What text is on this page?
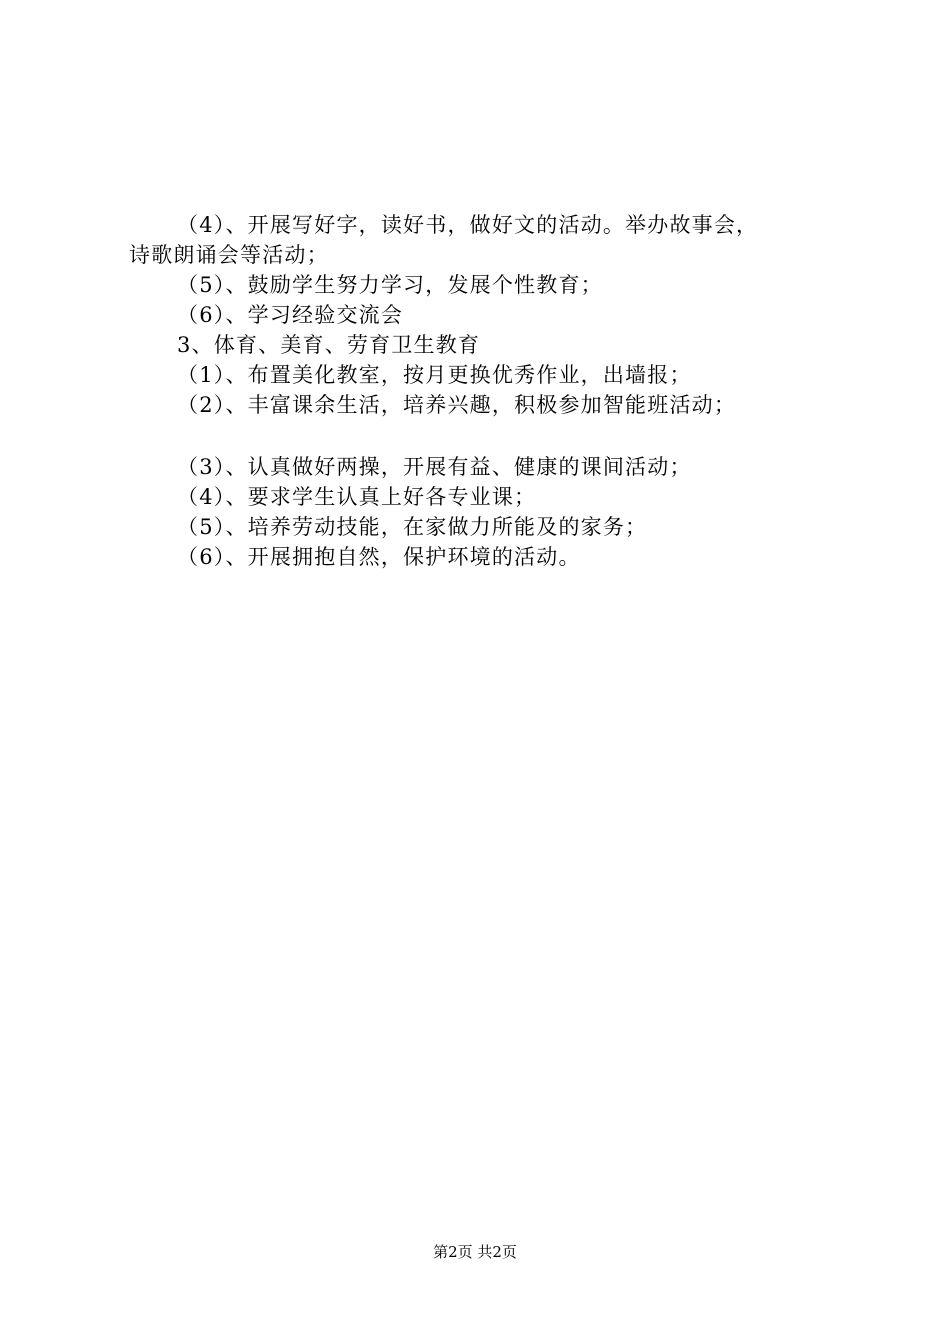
（4）、开展写好字，读好书，做好文的活动。举办故事会，
诗歌朗诵会等活动；
（5）、鼓励学生努力学习，发展个性教育；
（6）、学习经验交流会
3、体育、美育、劳育卫生教育
（1）、布置美化教室，按月更换优秀作业，出墙报；
（2）、丰富课余生活，培养兴趣，积极参加智能班活动；
（3）、认真做好两操，开展有益、健康的课间活动；
（4）、要求学生认真上好各专业课；
（5）、培养劳动技能，在家做力所能及的家务；
（6）、开展拥抱自然，保护环境的活动。
第2页 共2页
